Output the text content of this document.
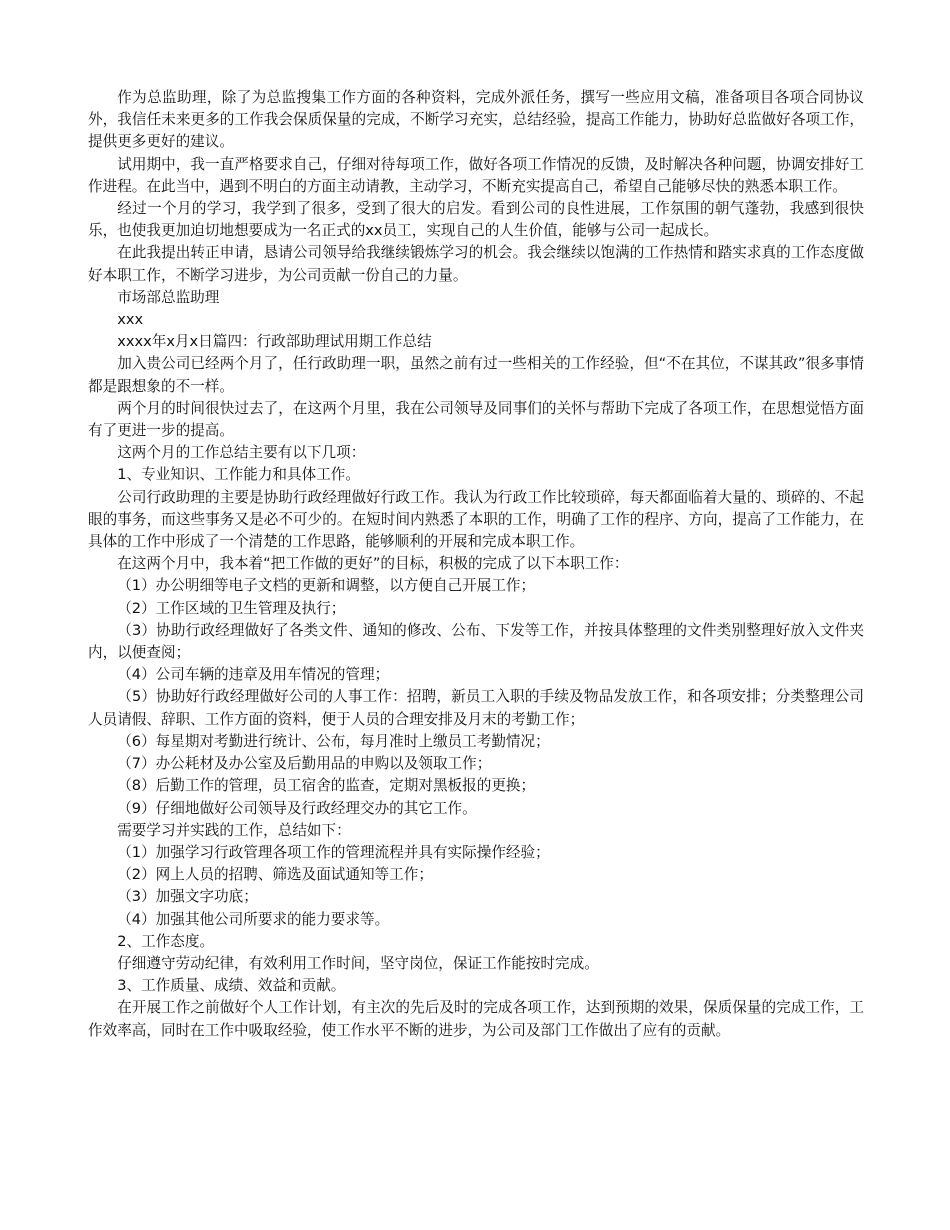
作为总监助理，除了为总监搜集工作方面的各种资料，完成外派任务，撰写一些应用文稿，准备项目各项合同协议外，我信任未来更多的工作我会保质保量的完成，不断学习充实，总结经验，提高工作能力，协助好总监做好各项工作，提供更多更好的建议。

试用期中，我一直严格要求自己，仔细对待每项工作，做好各项工作情况的反馈，及时解决各种问题，协调安排好工作进程。在此当中，遇到不明白的方面主动请教，主动学习，不断充实提高自己，希望自己能够尽快的熟悉本职工作。

经过一个月的学习，我学到了很多，受到了很大的启发。看到公司的良性进展，工作氛围的朝气蓬勃，我感到很快乐，也使我更加迫切地想要成为一名正式的xx员工，实现自己的人生价值，能够与公司一起成长。

在此我提出转正申请，恳请公司领导给我继续锻炼学习的机会。我会继续以饱满的工作热情和踏实求真的工作态度做好本职工作，不断学习进步，为公司贡献一份自己的力量。

市场部总监助理

xxx

xxxx年x月x日篇四：行政部助理试用期工作总结

加入贵公司已经两个月了，任行政助理一职，虽然之前有过一些相关的工作经验，但“不在其位，不谋其政”很多事情都是跟想象的不一样。

两个月的时间很快过去了，在这两个月里，我在公司领导及同事们的关怀与帮助下完成了各项工作，在思想觉悟方面有了更进一步的提高。

这两个月的工作总结主要有以下几项：

1、专业知识、工作能力和具体工作。

公司行政助理的主要是协助行政经理做好行政工作。我认为行政工作比较琐碎，每天都面临着大量的、琐碎的、不起眼的事务，而这些事务又是必不可少的。在短时间内熟悉了本职的工作，明确了工作的程序、方向，提高了工作能力，在具体的工作中形成了一个清楚的工作思路，能够顺利的开展和完成本职工作。

在这两个月中，我本着“把工作做的更好”的目标，积极的完成了以下本职工作：

（1）办公明细等电子文档的更新和调整，以方便自己开展工作；

（2）工作区域的卫生管理及执行；

（3）协助行政经理做好了各类文件、通知的修改、公布、下发等工作，并按具体整理的文件类别整理好放入文件夹内，以便查阅；

（4）公司车辆的违章及用车情况的管理；

（5）协助好行政经理做好公司的人事工作：招聘，新员工入职的手续及物品发放工作，和各项安排；分类整理公司人员请假、辞职、工作方面的资料，便于人员的合理安排及月末的考勤工作；

（6）每星期对考勤进行统计、公布，每月准时上缴员工考勤情况；

（7）办公耗材及办公室及后勤用品的申购以及领取工作；

（8）后勤工作的管理，员工宿舍的监查，定期对黑板报的更换；

（9）仔细地做好公司领导及行政经理交办的其它工作。

需要学习并实践的工作，总结如下：

（1）加强学习行政管理各项工作的管理流程并具有实际操作经验；

（2）网上人员的招聘、筛选及面试通知等工作；

（3）加强文字功底；

（4）加强其他公司所要求的能力要求等。

2、工作态度。

仔细遵守劳动纪律，有效利用工作时间，坚守岗位，保证工作能按时完成。

3、工作质量、成绩、效益和贡献。

在开展工作之前做好个人工作计划，有主次的先后及时的完成各项工作，达到预期的效果，保质保量的完成工作，工作效率高，同时在工作中吸取经验，使工作水平不断的进步，为公司及部门工作做出了应有的贡献。
